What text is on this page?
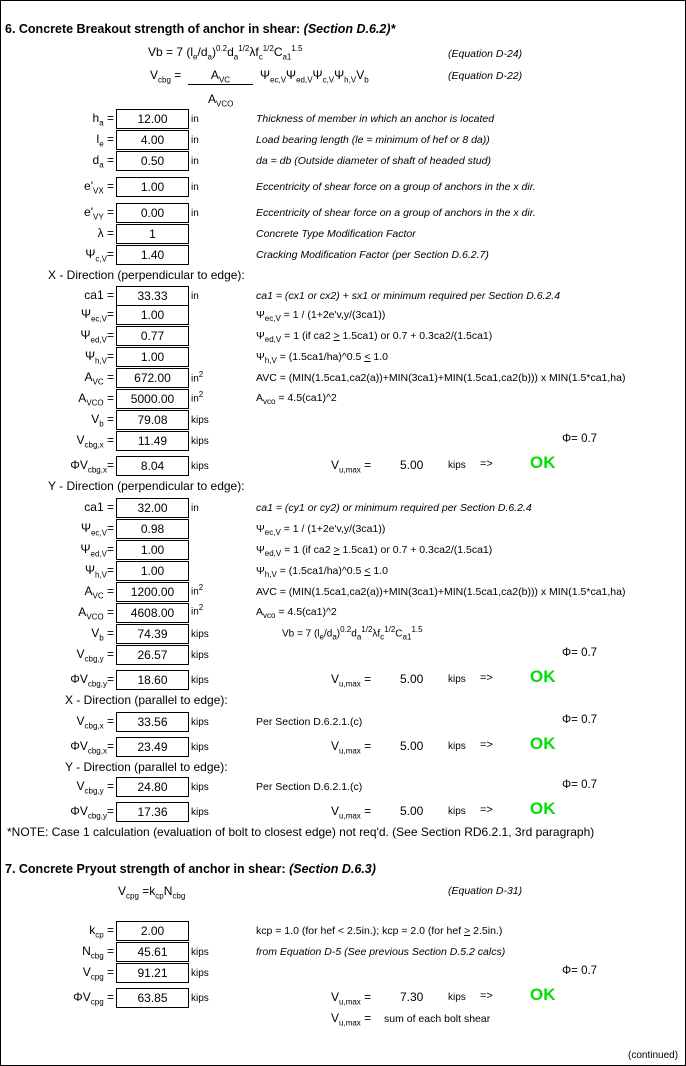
6. Concrete Breakout strength of anchor in shear: (Section D.6.2)*
Vb = 7 $(l_e/d_a)^{0.2}d_a^{1/2}\lambda f_c^{1/2}C_{a1}^{1.5}$	(Equation D-24)
$V_{cbg}$ =	$A_{VC}$
$A_{VCO}$
$\Psi_{ec,V}\Psi_{ed,V}\Psi_{c,V}\Psi_{h,V}V_b$	(Equation D-22)
$h_a$ =	12.00	in	Thickness of member in which an anchor is located
$l_e$ =	4.00	in	Load bearing length (le = minimum of hef or 8 da))
$d_a$ =	0.50	in	da = db (Outside diameter of shaft of headed stud)
$e'_{VX}$ =	1.00	in	Eccentricity of shear force on a group of anchors in the x dir.
$e'_{VY}$ =	0.00	in	Eccentricity of shear force on a group of anchors in the x dir.
λ =	1	Concrete Type Modification Factor
$\Psi_{c,V}=$	1.40	Cracking Modification Factor (per Section D.6.2.7)
X - Direction (perpendicular to edge):
ca1 =	33.33	in	ca1 = (cx1 or cx2) + sx1 or minimum required per Section D.6.2.4
$\Psi_{ec,V}=$	1.00	$\Psi_{ec,V} = 1 / (1+2e'v,y/(3ca1))$
$\Psi_{ed,V}=$	0.77	$\Psi_{ed,V} = 1$ (if ca2 > 1.5ca1) or 0.7 + 0.3ca2/(1.5ca1)
$\Psi_{h,V}=$	1.00	$\Psi_{h,V}$ = (1.5ca1/ha)^0.5 < 1.0
$A_{VC}$ =	672.00	$in^2$	AVC = (MIN(1.5ca1,ca2(a))+MIN(3ca1)+MIN(1.5ca1,ca2(b))) x MIN(1.5*ca1,ha)
$A_{VCO}$ =	5000.00	$in^2$	$A_{vco}$ = 4.5(ca1)^2
$V_b$ =	79.08	kips
$V_{cbg,x}$ =	11.49	kips	Φ= 0.7
$\Phi V_{cbg,x}=$	8.04	kips	$V_{u,max} = 5.00$ kips => OK
Y - Direction (perpendicular to edge):
ca1 =	32.00	in	ca1 = (cy1 or cy2) or minimum required per Section D.6.2.4
$\Psi_{ec,V}=$	0.98	$\Psi_{ec,V} = 1 / (1+2e'v,y/(3ca1))$
$\Psi_{ed,V}=$	1.00	$\Psi_{ed,V} = 1$ (if ca2 > 1.5ca1) or 0.7 + 0.3ca2/(1.5ca1)
$\Psi_{h,V}=$	1.00	$\Psi_{h,V}$ = (1.5ca1/ha)^0.5 < 1.0
$A_{VC}$ =	1200.00	$in^2$	AVC = (MIN(1.5ca1,ca2(a))+MIN(3ca1)+MIN(1.5ca1,ca2(b))) x MIN(1.5*ca1,ha)
$A_{VCO}$ =	4608.00	$in^2$	$A_{vco}$ = 4.5(ca1)^2
$V_b$ =	74.39	kips	Vb = 7 $(l_e/d_a)^{0.2}d_a^{1/2}\lambda f_c^{1/2}C_{a1}^{1.5}$
$V_{cbg,y}$ =	26.57	kips	Φ= 0.7
$\Phi V_{cbg,y}=$	18.60	kips	$V_{u,max} = 5.00$ kips => OK
X - Direction (parallel to edge):
$V_{cbg,x}$ =	33.56	kips	Per Section D.6.2.1.(c)	Φ= 0.7
$\Phi V_{cbg,x}=$	23.49	kips	$V_{u,max} = 5.00$ kips => OK
Y - Direction (parallel to edge):
$V_{cbg,y}$ =	24.80	kips	Per Section D.6.2.1.(c)	Φ= 0.7
$\Phi V_{cbg,y}=$	17.36	kips	$V_{u,max} = 5.00$ kips => OK
*NOTE: Case 1 calculation (evaluation of bolt to closest edge) not req'd. (See Section RD6.2.1, 3rd paragraph)
7. Concrete Pryout strength of anchor in shear: (Section D.6.3)
$V_{cpg} =k_{cp}N_{cbg}$	(Equation D-31)
$k_{cp}$ =	2.00	kcp = 1.0 (for hef < 2.5in.); kcp = 2.0 (for hef > 2.5in.)
$N_{cbg}$ =	45.61	kips	from Equation D-5 (See previous Section D.5.2 calcs)
$V_{cpg}$ =	91.21	kips	Φ= 0.7
$\Phi V_{cpg}$ =	63.85	kips	$V_{u,max} = 7.30$ kips => OK
$V_{u,max}$ = sum of each bolt shear
(continued)
